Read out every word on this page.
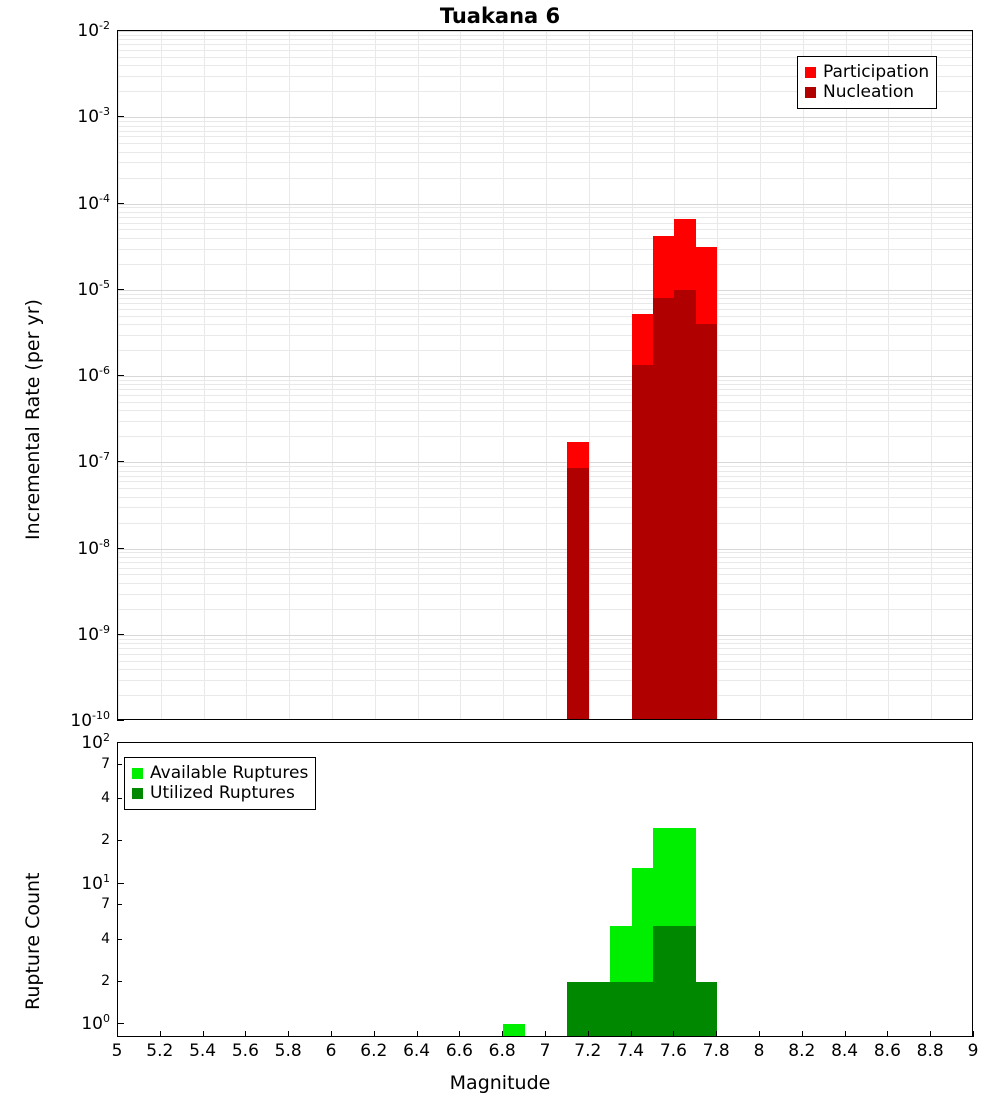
Tuakana 6
$10^{-10}$
$10^{-9}$
$10^{-8}$
$10^{-7}$
$10^{-6}$
$10^{-5}$
$10^{-4}$
$10^{-3}$
$10^{-2}$
Participation
Nucleation
Incremental Rate (per yr)
$10^0$
2
4
7
$10^1$
2
4
7
$10^2$
Available Ruptures
Utilized Ruptures
Rupture Count
5 5.2 5.4 5.6 5.8 6 6.2 6.4 6.6 6.8 7 7.2 7.4 7.6 7.8 8 8.2 8.4 8.6 8.8 9
Magnitude
